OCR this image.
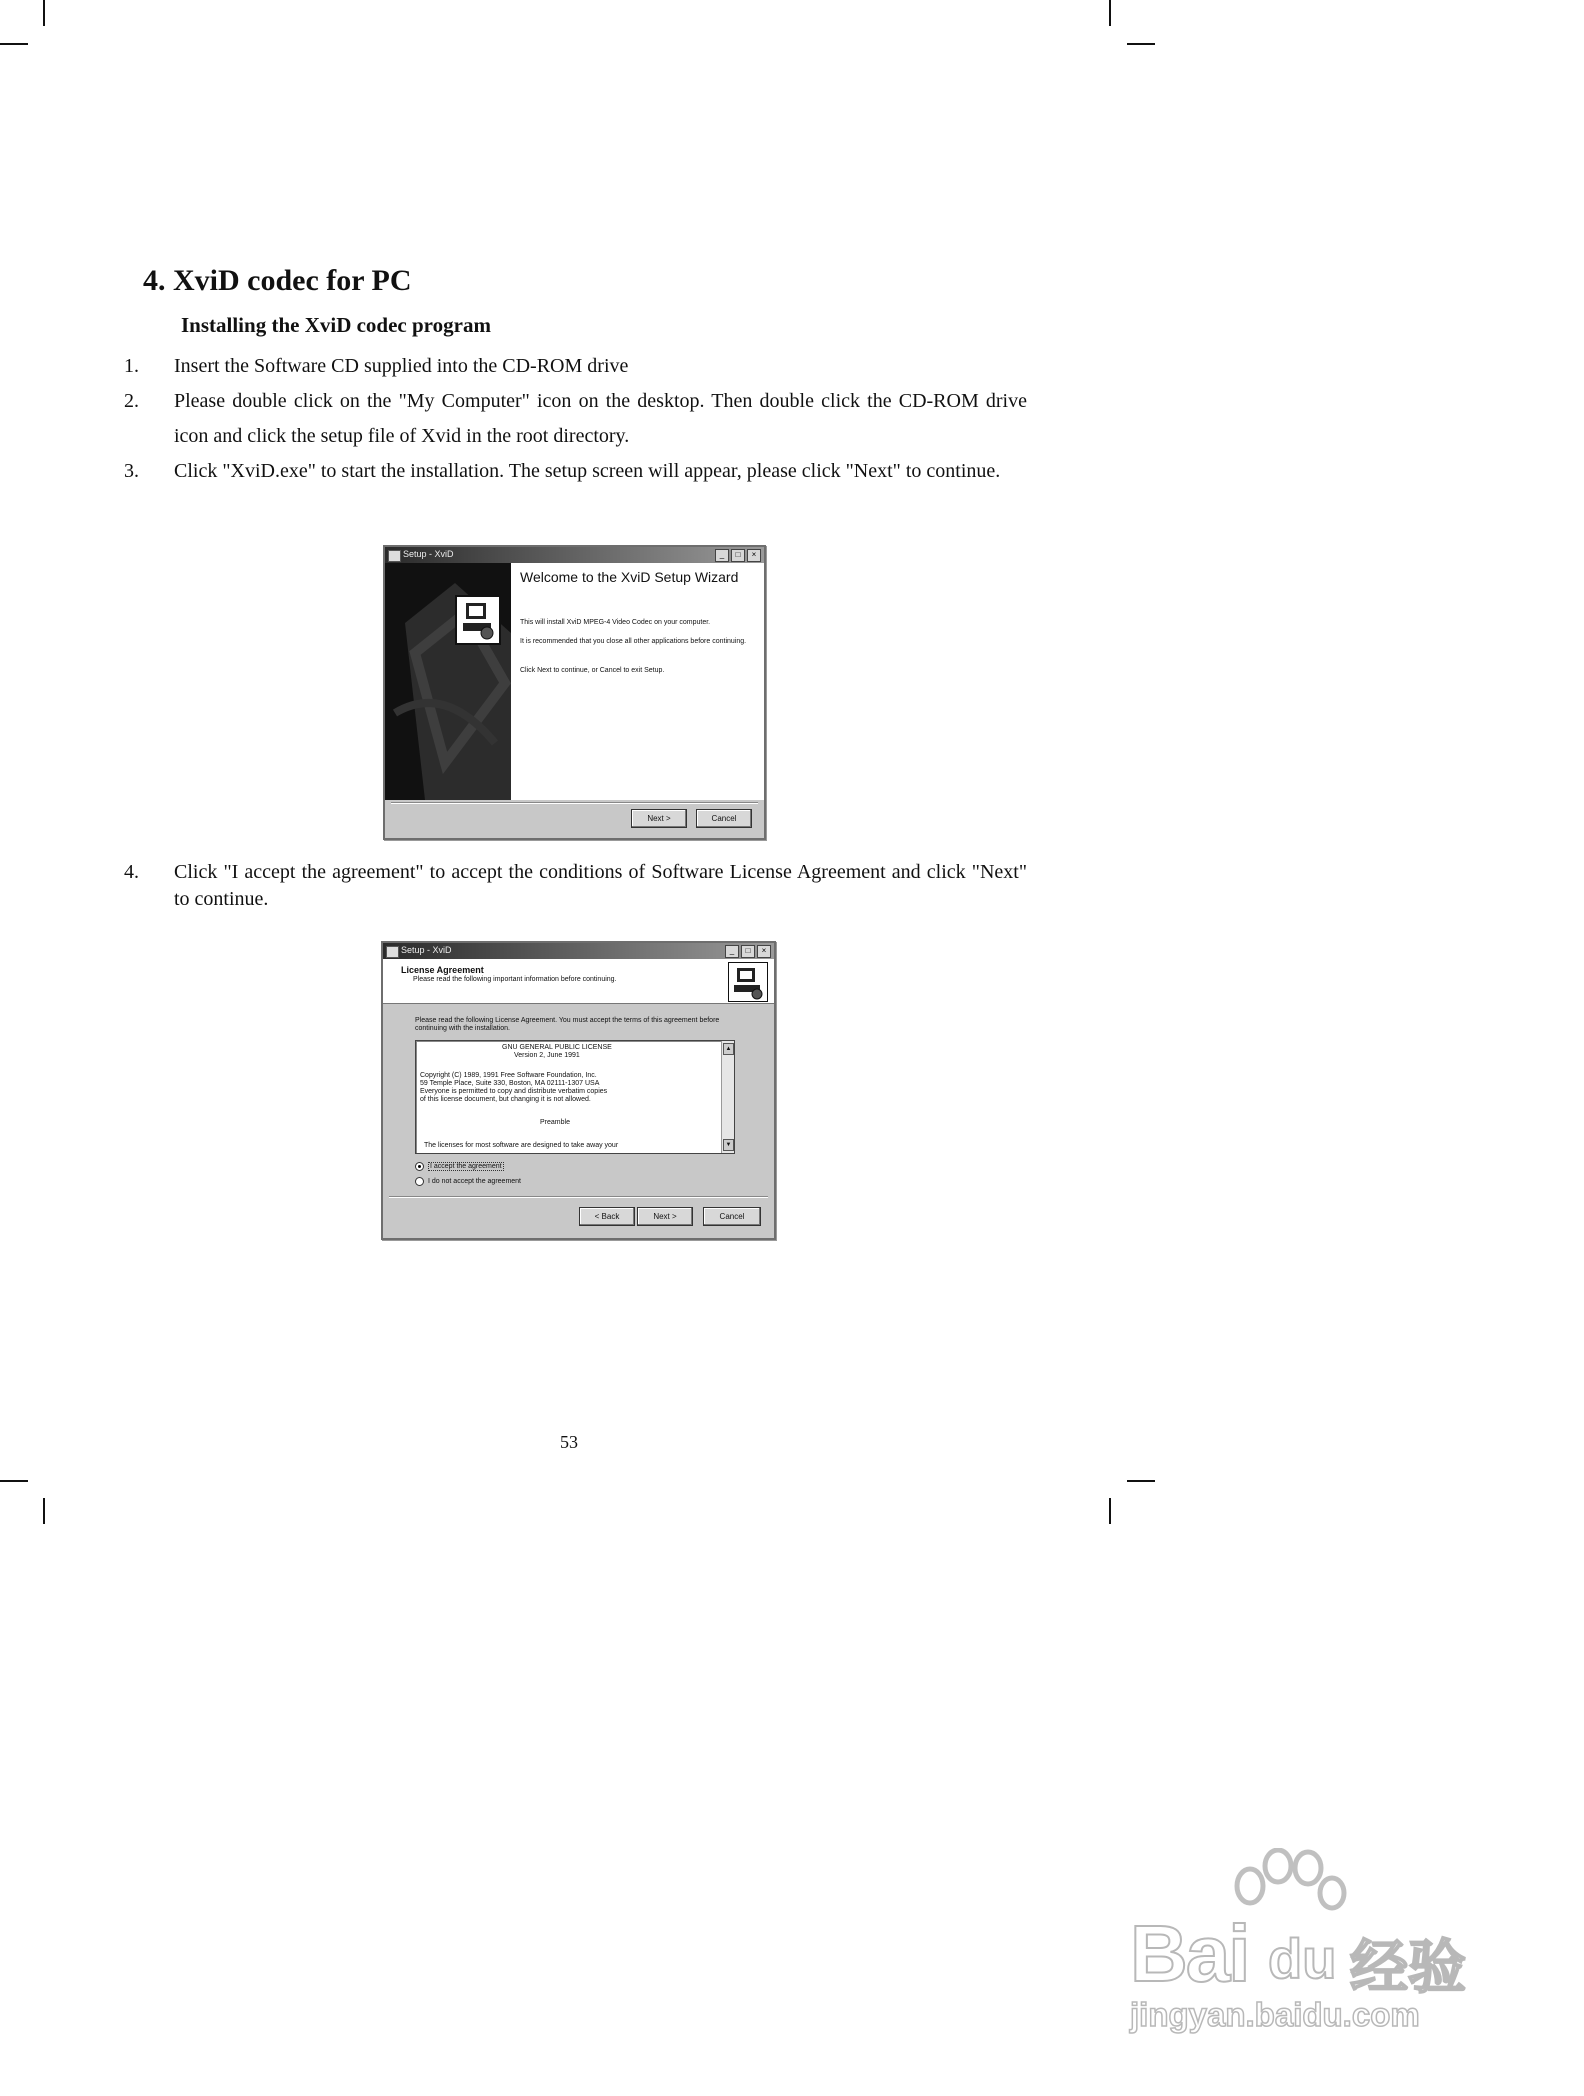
4. XviD codec for PC
Installing the XviD codec program
1.	Insert the Software CD supplied into the CD-ROM drive
2.	Please double click on the "My Computer" icon on the desktop. Then double click the CD-ROM drive icon and click the setup file of Xvid in the root directory.
3.	Click "XviD.exe" to start the installation. The setup screen will appear, please click "Next" to continue.
4.	Click "I accept the agreement" to accept the conditions of Software License Agreement and click "Next" to continue.
Setup - XviD	_	□	×
Welcome to the XviD Setup Wizard
This will install XviD MPEG-4 Video Codec on your computer.
It is recommended that you close all other applications before continuing.
Click Next to continue, or Cancel to exit Setup.
Next >	Cancel
Setup - XviD	_	□	×
License Agreement
Please read the following important information before continuing.
Please read the following License Agreement. You must accept the terms of this agreement before continuing with the installation.
GNU GENERAL PUBLIC LICENSE
Version 2, June 1991
Copyright (C) 1989, 1991 Free Software Foundation, Inc.
59 Temple Place, Suite 330, Boston, MA 02111-1307 USA
Everyone is permitted to copy and distribute verbatim copies
of this license document, but changing it is not allowed.
Preamble
The licenses for most software are designed to take away your
▲
▼
I accept the agreement
I do not accept the agreement
< Back	Next >	Cancel
53
Bai du 经验
jingyan.baidu.com
